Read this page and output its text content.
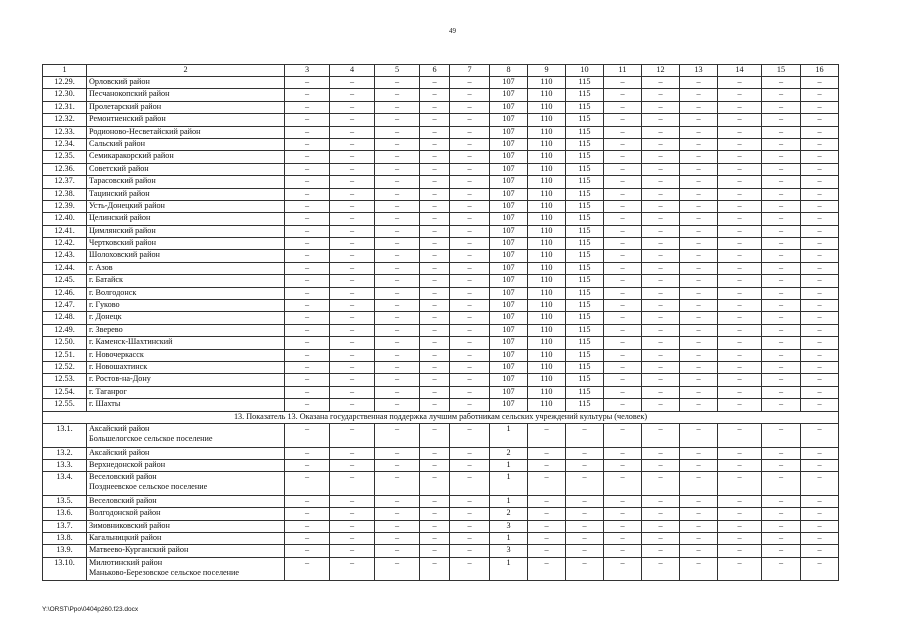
49
1	2	3	4	5	6	7	8	9	10	11	12	13	14	15	16
12.29.	Орловский район	–	–	–	–	–	107	110	115	–	–	–	–	–	–
12.30.	Песчанокопский район	–	–	–	–	–	107	110	115	–	–	–	–	–	–
12.31.	Пролетарский район	–	–	–	–	–	107	110	115	–	–	–	–	–	–
12.32.	Ремонтненский район	–	–	–	–	–	107	110	115	–	–	–	–	–	–
12.33.	Родионово-Несветайский район	–	–	–	–	–	107	110	115	–	–	–	–	–	–
12.34.	Сальский район	–	–	–	–	–	107	110	115	–	–	–	–	–	–
12.35.	Семикаракорский район	–	–	–	–	–	107	110	115	–	–	–	–	–	–
12.36.	Советский район	–	–	–	–	–	107	110	115	–	–	–	–	–	–
12.37.	Тарасовский район	–	–	–	–	–	107	110	115	–	–	–	–	–	–
12.38.	Тацинский район	–	–	–	–	–	107	110	115	–	–	–	–	–	–
12.39.	Усть-Донецкий район	–	–	–	–	–	107	110	115	–	–	–	–	–	–
12.40.	Целинский район	–	–	–	–	–	107	110	115	–	–	–	–	–	–
12.41.	Цимлянский район	–	–	–	–	–	107	110	115	–	–	–	–	–	–
12.42.	Чертковский район	–	–	–	–	–	107	110	115	–	–	–	–	–	–
12.43.	Шолоховский район	–	–	–	–	–	107	110	115	–	–	–	–	–	–
12.44.	г. Азов	–	–	–	–	–	107	110	115	–	–	–	–	–	–
12.45.	г. Батайск	–	–	–	–	–	107	110	115	–	–	–	–	–	–
12.46.	г. Волгодонск	–	–	–	–	–	107	110	115	–	–	–	–	–	–
12.47.	г. Гуково	–	–	–	–	–	107	110	115	–	–	–	–	–	–
12.48.	г. Донецк	–	–	–	–	–	107	110	115	–	–	–	–	–	–
12.49.	г. Зверево	–	–	–	–	–	107	110	115	–	–	–	–	–	–
12.50.	г. Каменск-Шахтинский	–	–	–	–	–	107	110	115	–	–	–	–	–	–
12.51.	г. Новочеркасск	–	–	–	–	–	107	110	115	–	–	–	–	–	–
12.52.	г. Новошахтинск	–	–	–	–	–	107	110	115	–	–	–	–	–	–
12.53.	г. Ростов-на-Дону	–	–	–	–	–	107	110	115	–	–	–	–	–	–
12.54.	г. Таганрог	–	–	–	–	–	107	110	115	–	–	–	–	–	–
12.55.	г. Шахты	–	–	–	–	–	107	110	115	–	–	–	–	–	–
13. Показатель 13. Оказана государственная поддержка лучшим работникам сельских учреждений культуры (человек)															
13.1.	Аксайский район
Большелогское сельское поселение	–	–	–	–	–	1	–	–	–	–	–	–	–	–
13.2.	Аксайский район	–	–	–	–	–	2	–	–	–	–	–	–	–	–
13.3.	Верхнедонской район	–	–	–	–	–	1	–	–	–	–	–	–	–	–
13.4.	Веселовский район
Позднеевское сельское поселение	–	–	–	–	–	1	–	–	–	–	–	–	–	–
13.5.	Веселовский район	–	–	–	–	–	1	–	–	–	–	–	–	–	–
13.6.	Волгодонской район	–	–	–	–	–	2	–	–	–	–	–	–	–	–
13.7.	Зимовниковский район	–	–	–	–	–	3	–	–	–	–	–	–	–	–
13.8.	Кагальницкий район	–	–	–	–	–	1	–	–	–	–	–	–	–	–
13.9.	Матвеево-Курганский район	–	–	–	–	–	3	–	–	–	–	–	–	–	–
13.10.	Милютинский район
Маньково-Березовское сельское поселение	–	–	–	–	–	1	–	–	–	–	–	–	–	–
Y:\ORST\Ppo\0404p260.f23.docx
